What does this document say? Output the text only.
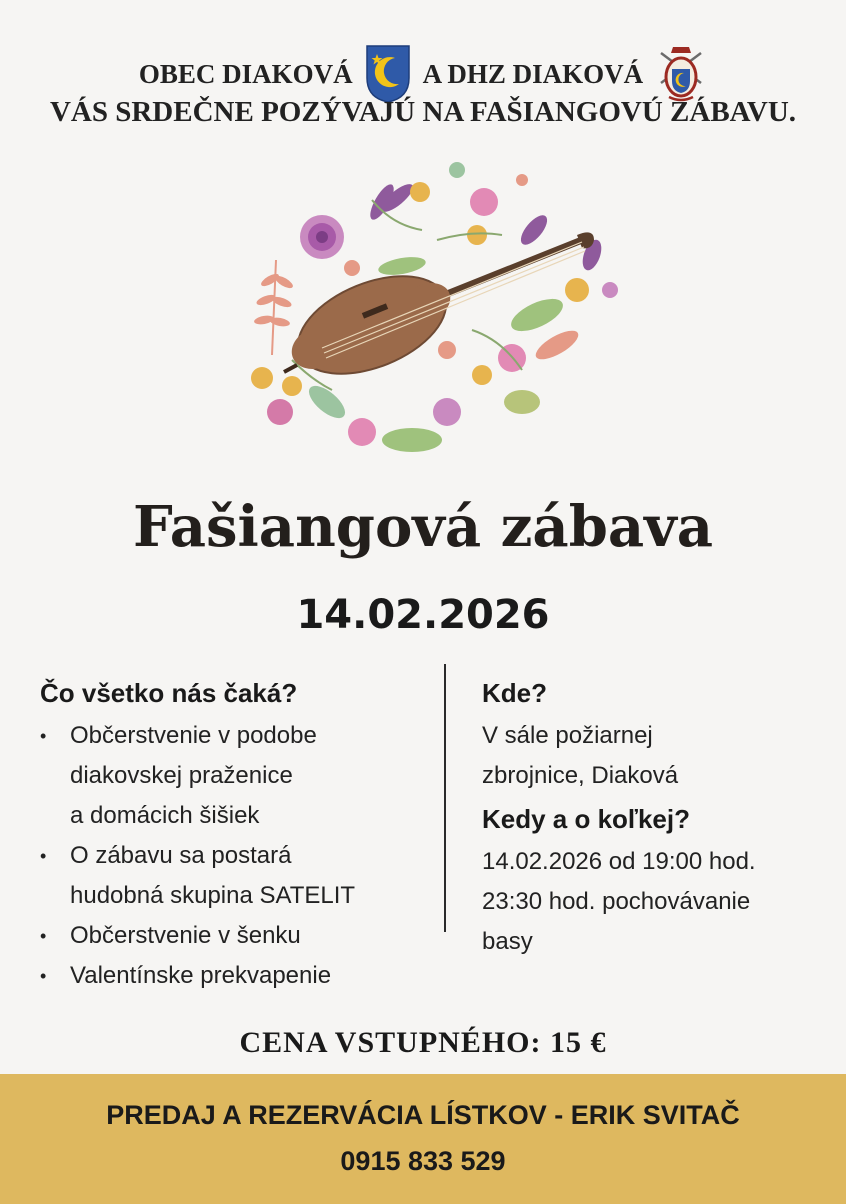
OBEC DIAKOVÁ	A DHZ DIAKOVÁ
VÁS SRDEČNE POZÝVAJÚ NA FAŠIANGOVÚ ZÁBAVU.
Fašiangová zábava
14.02.2026
Čo všetko nás čaká?
• Občerstvenie v podobe
diakovskej praženice
a domácich šišiek
• O zábavu sa postará
hudobná skupina SATELIT
• Občerstvenie v šenku
• Valentínske prekvapenie
Kde?
V sále požiarnej
zbrojnice, Diaková
Kedy a o koľkej?
14.02.2026 od 19:00 hod.
23:30 hod. pochovávanie
basy
CENA VSTUPNÉHO: 15 €
PREDAJ A REZERVÁCIA LÍSTKOV - ERIK SVITAČ
0915 833 529
